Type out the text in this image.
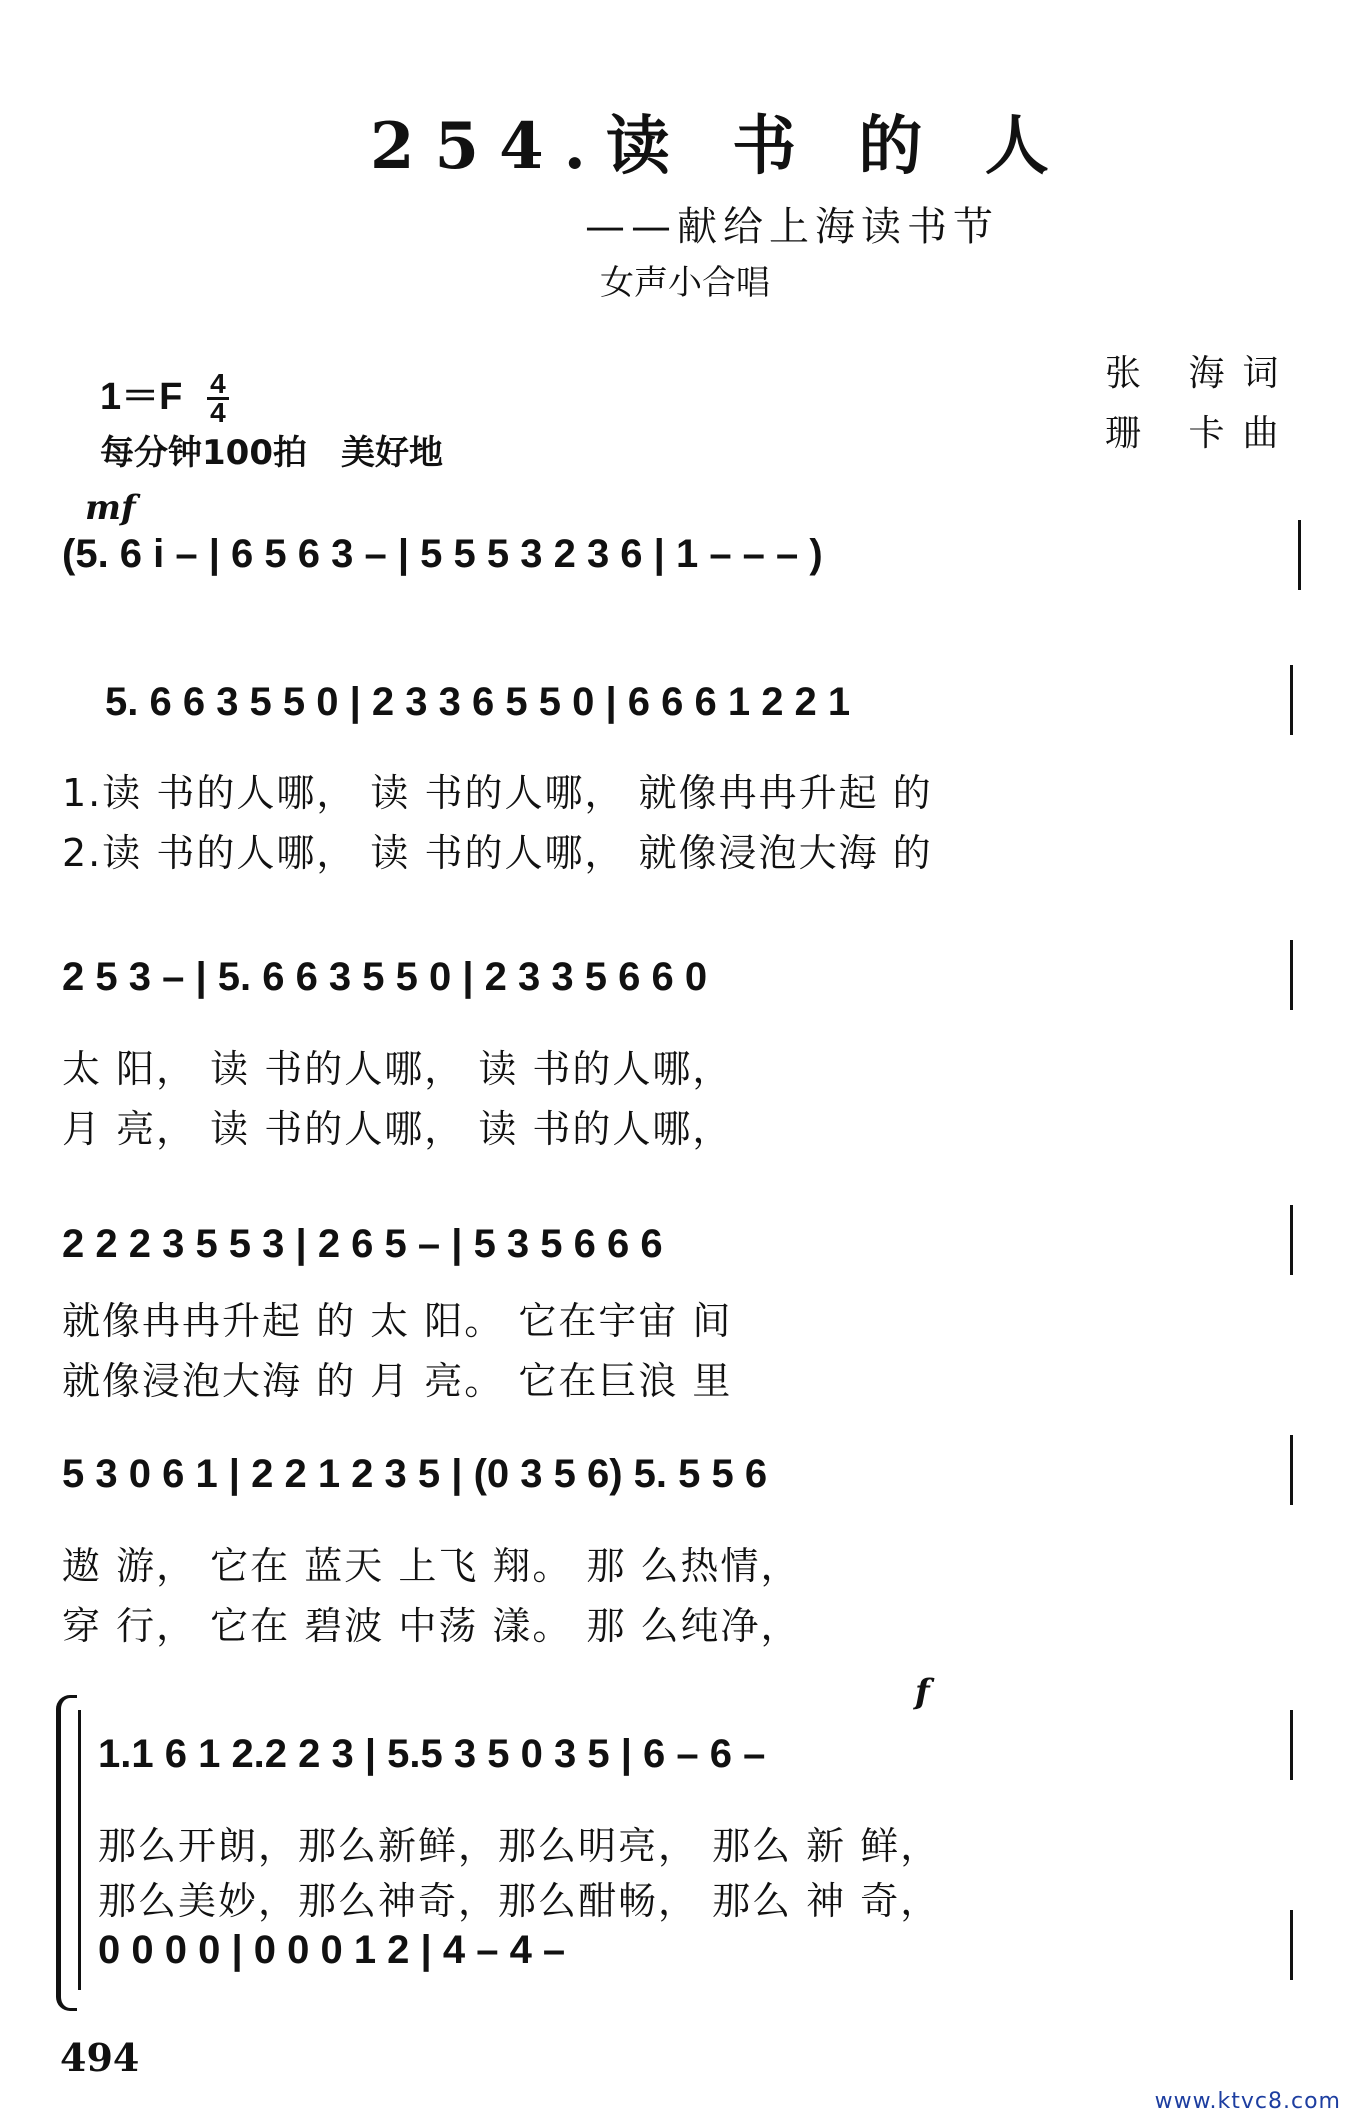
254.读 书 的 人
——献给上海读书节
女声小合唱
$1=F \frac{4}{4}$
每分钟100拍　美好地
张 海词
珊 卡曲
mf
(5. 6 i – | 6 5 6 3 – | 5 5 5 3 2 3 6 | 1 – – – )
5. 6 6 3 5 5 0 | 2 3 3 6 5 5 0 | 6 6 6 1 2 2 1
1.读 书的人哪， 读 书的人哪， 就像冉冉升起 的
2.读 书的人哪， 读 书的人哪， 就像浸泡大海 的
2 5 3 – | 5. 6 6 3 5 5 0 | 2 3 3 5 6 6 0
太 阳， 读 书的人哪， 读 书的人哪，
月 亮， 读 书的人哪， 读 书的人哪，
2 2 2 3 5 5 3 | 2 6 5 – | 5 3 5 6 6 6
就像冉冉升起 的 太 阳。 它在宇宙 间
就像浸泡大海 的 月 亮。 它在巨浪 里
5 3 0 6 1 | 2 2 1 2 3 5 | (0 3 5 6) 5. 5 5 6
遨 游， 它在 蓝天 上飞 翔。 那 么热情，
穿 行， 它在 碧波 中荡 漾。 那 么纯净，
f
1.1 6 1 2.2 2 3 | 5.5 3 5 0 3 5 | 6 – 6 –
那么开朗，那么新鲜，那么明亮， 那么 新 鲜，
那么美妙，那么神奇，那么酣畅， 那么 神 奇，
0 0 0 0 | 0 0 0 1 2 | 4 – 4 –
494
www.ktvc8.com
